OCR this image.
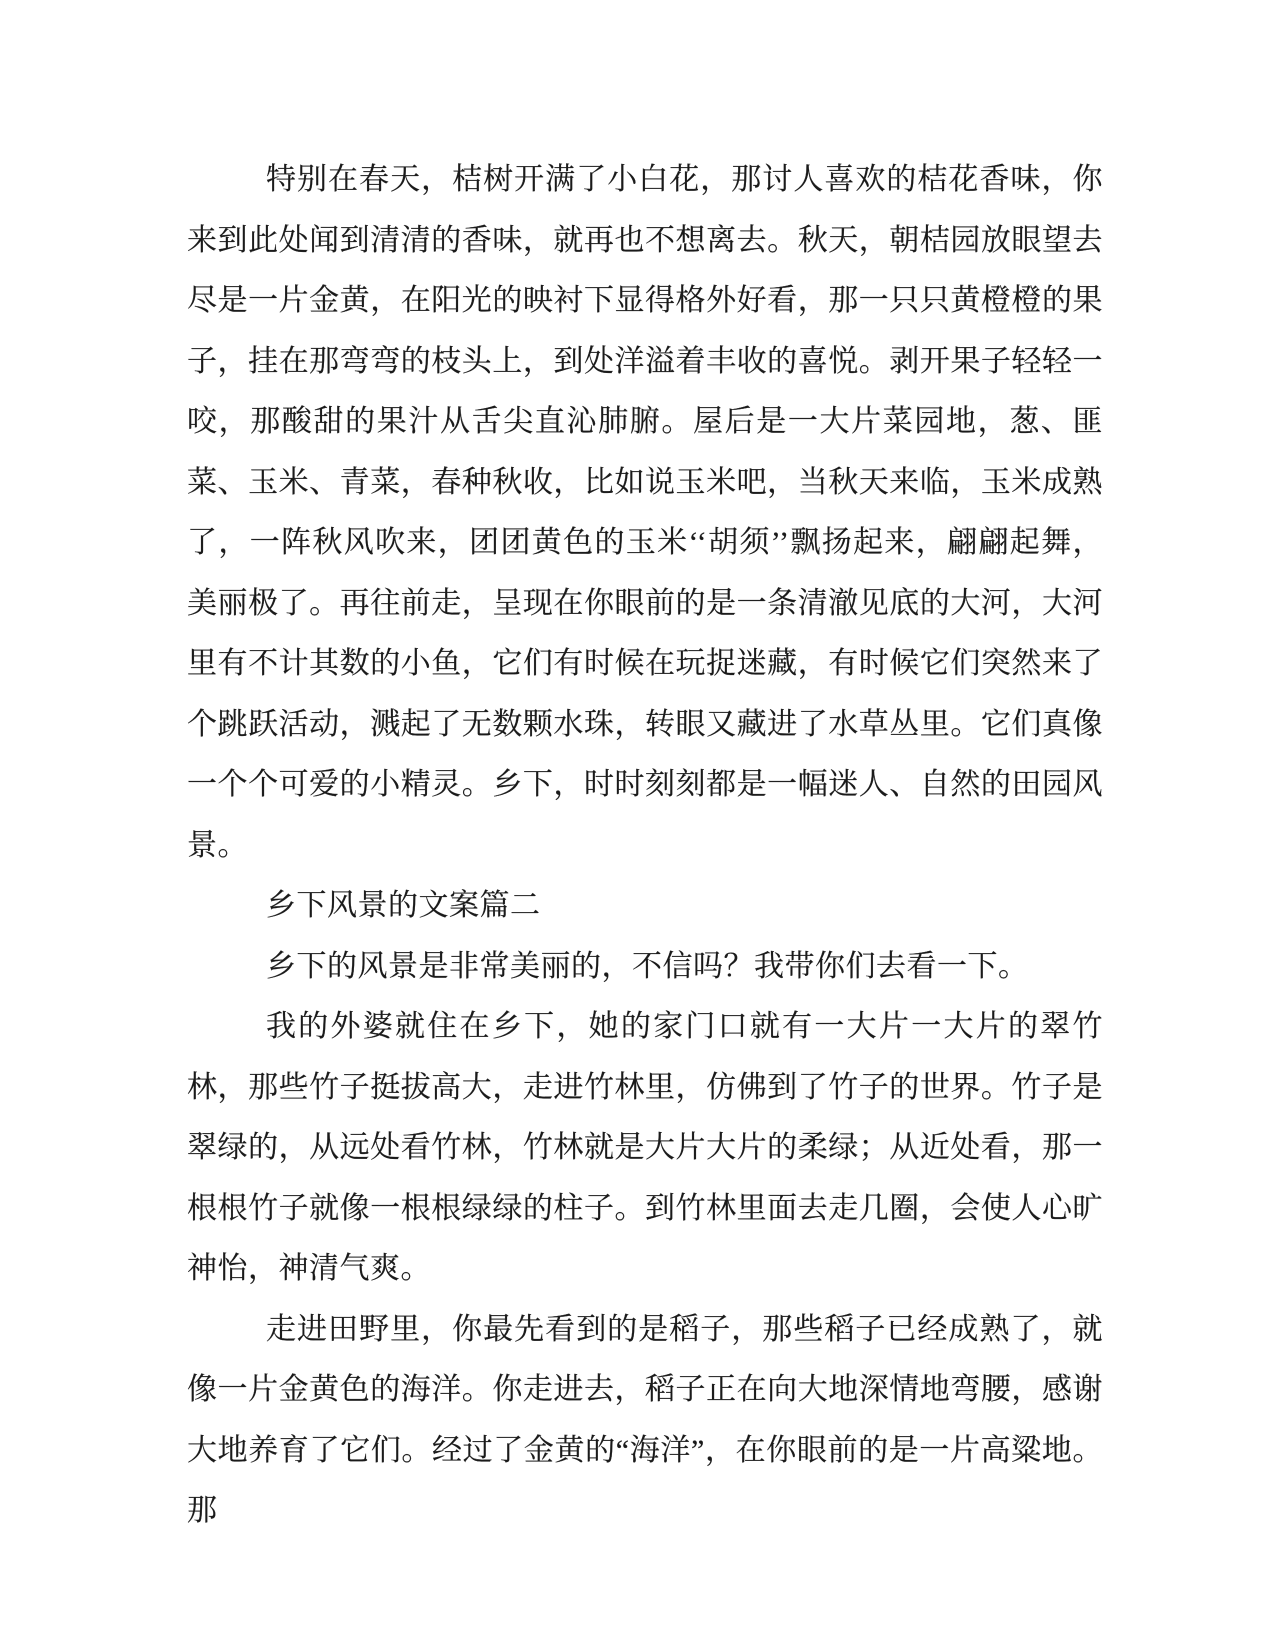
特别在春天，桔树开满了小白花，那讨人喜欢的桔花香味，你来到此处闻到清清的香味，就再也不想离去。秋天，朝桔园放眼望去尽是一片金黄，在阳光的映衬下显得格外好看，那一只只黄橙橙的果子，挂在那弯弯的枝头上，到处洋溢着丰收的喜悦。剥开果子轻轻一咬，那酸甜的果汁从舌尖直沁肺腑。屋后是一大片菜园地，葱、匪菜、玉米、青菜，春种秋收，比如说玉米吧，当秋天来临，玉米成熟了，一阵秋风吹来，团团黄色的玉米‘‘胡须’’飘扬起来，翩翩起舞，美丽极了。再往前走，呈现在你眼前的是一条清澈见底的大河，大河里有不计其数的小鱼，它们有时候在玩捉迷藏，有时候它们突然来了个跳跃活动，溅起了无数颗水珠，转眼又藏进了水草丛里。它们真像一个个可爱的小精灵。乡下，时时刻刻都是一幅迷人、自然的田园风景。

乡下风景的文案篇二

乡下的风景是非常美丽的，不信吗？我带你们去看一下。

我的外婆就住在乡下，她的家门口就有一大片一大片的翠竹林，那些竹子挺拔高大，走进竹林里，仿佛到了竹子的世界。竹子是翠绿的，从远处看竹林，竹林就是大片大片的柔绿；从近处看，那一根根竹子就像一根根绿绿的柱子。到竹林里面去走几圈，会使人心旷神怡，神清气爽。

走进田野里，你最先看到的是稻子，那些稻子已经成熟了，就像一片金黄色的海洋。你走进去，稻子正在向大地深情地弯腰，感谢大地养育了它们。经过了金黄的“海洋”，在你眼前的是一片高粱地。那
